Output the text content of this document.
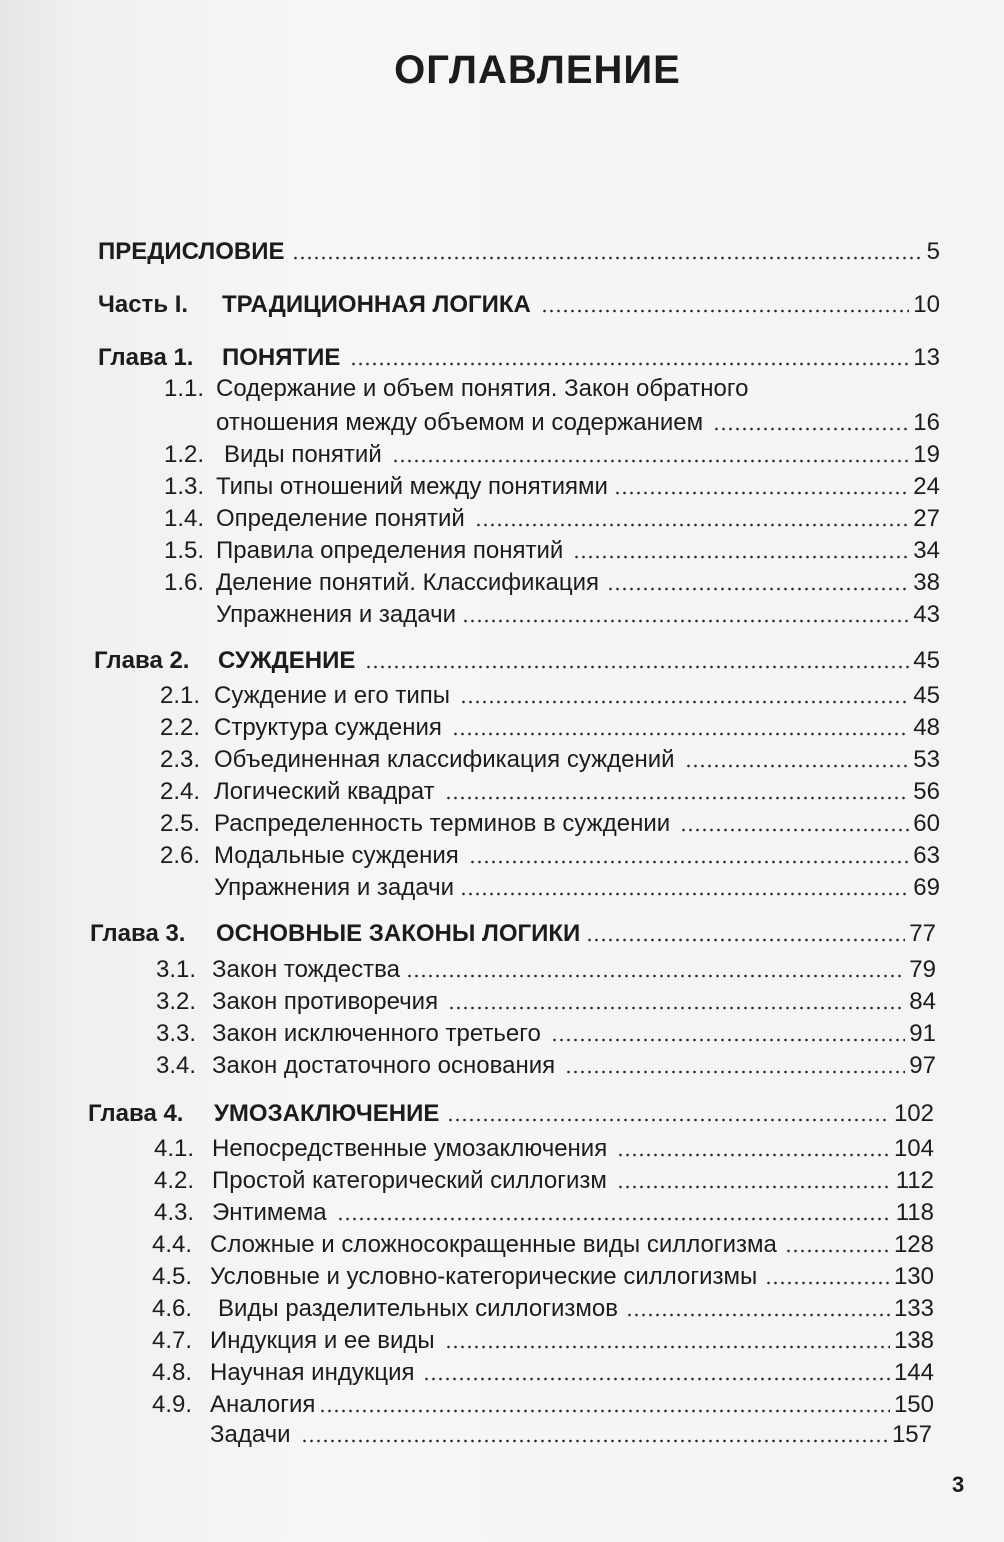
ОГЛАВЛЕНИЕ
ПРЕДИСЛОВИЕ	5
Часть I. ТРАДИЦИОННАЯ ЛОГИКА	10
Глава 1. ПОНЯТИЕ	13
1.1. Содержание и объем понятия. Закон обратного
отношения между объемом и содержанием	16
1.2. Виды понятий	19
1.3. Типы отношений между понятиями	24
1.4. Определение понятий	27
1.5. Правила определения понятий	34
1.6. Деление понятий. Классификация	38
Упражнения и задачи	43
Глава 2. СУЖДЕНИЕ	45
2.1. Суждение и его типы	45
2.2. Структура суждения	48
2.3. Объединенная классификация суждений	53
2.4. Логический квадрат	56
2.5. Распределенность терминов в суждении	60
2.6. Модальные суждения	63
Упражнения и задачи	69
Глава 3. ОСНОВНЫЕ ЗАКОНЫ ЛОГИКИ	77
3.1. Закон тождества	79
3.2. Закон противоречия	84
3.3. Закон исключенного третьего	91
3.4. Закон достаточного основания	97
Глава 4. УМОЗАКЛЮЧЕНИЕ	102
4.1. Непосредственные умозаключения	104
4.2. Простой категорический силлогизм	112
4.3. Энтимема	118
4.4. Сложные и сложносокращенные виды силлогизма	128
4.5. Условные и условно-категорические силлогизмы	130
4.6. Виды разделительных силлогизмов	133
4.7. Индукция и ее виды	138
4.8. Научная индукция	144
4.9. Аналогия	150
Задачи	157
3
